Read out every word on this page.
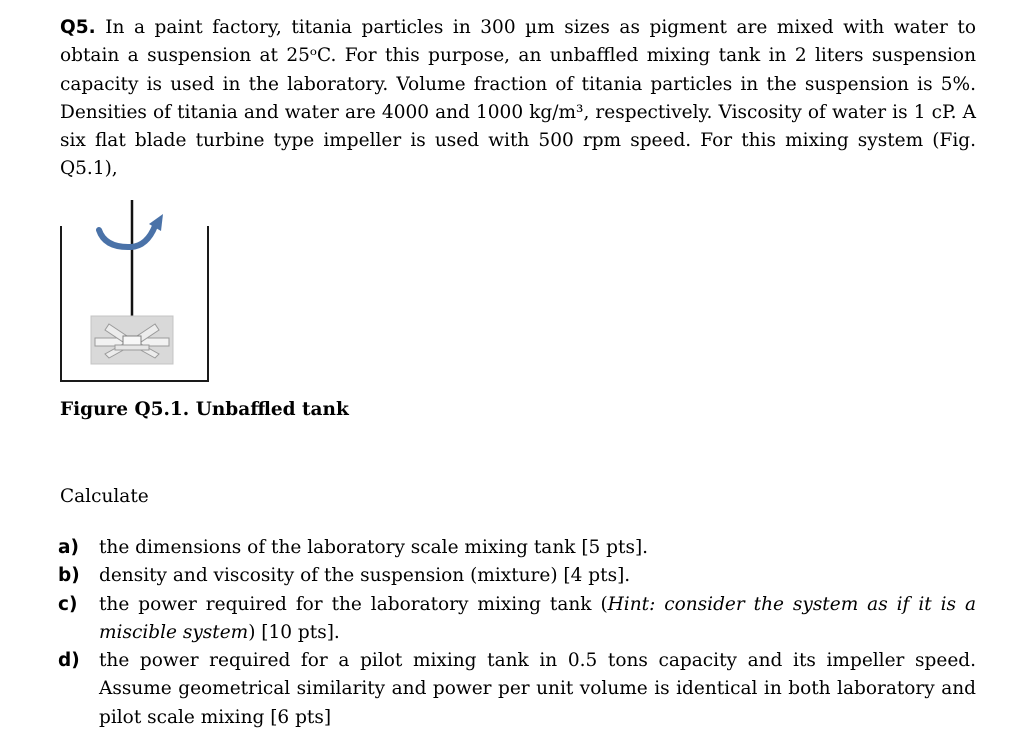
Q5. In a paint factory, titania particles in 300 µm sizes as pigment are mixed with water to obtain a suspension at 25ᵒC. For this purpose, an unbaffled mixing tank in 2 liters suspension capacity is used in the laboratory. Volume fraction of titania particles in the suspension is 5%. Densities of titania and water are 4000 and 1000 kg/m³, respectively. Viscosity of water is 1 cP. A six flat blade turbine type impeller is used with 500 rpm speed. For this mixing system (Fig. Q5.1),
Figure Q5.1. Unbaffled tank
Calculate
a)	the dimensions of the laboratory scale mixing tank [5 pts].
b)	density and viscosity of the suspension (mixture) [4 pts].
c)	the power required for the laboratory mixing tank (Hint: consider the system as if it is a miscible system) [10 pts].
d)	the power required for a pilot mixing tank in 0.5 tons capacity and its impeller speed. Assume geometrical similarity and power per unit volume is identical in both laboratory and pilot scale mixing [6 pts]
